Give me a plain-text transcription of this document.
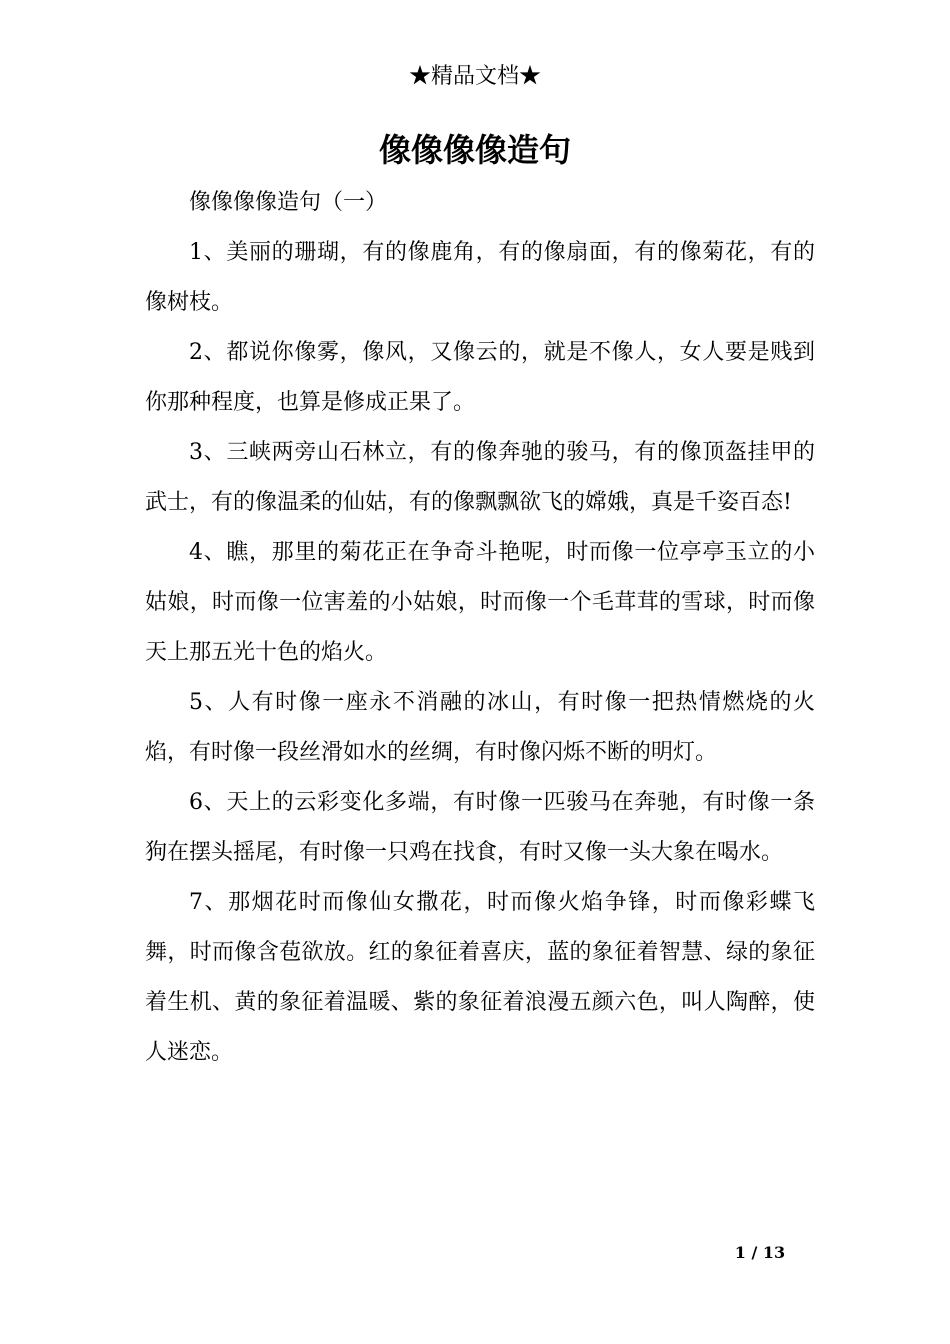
★精品文档★
像像像像造句

像像像像造句（一）

1、美丽的珊瑚，有的像鹿角，有的像扇面，有的像菊花，有的像树枝。

2、都说你像雾，像风，又像云的，就是不像人，女人要是贱到你那种程度，也算是修成正果了。

3、三峡两旁山石林立，有的像奔驰的骏马，有的像顶盔挂甲的武士，有的像温柔的仙姑，有的像飘飘欲飞的嫦娥，真是千姿百态!

4、瞧，那里的菊花正在争奇斗艳呢，时而像一位亭亭玉立的小姑娘，时而像一位害羞的小姑娘，时而像一个毛茸茸的雪球，时而像天上那五光十色的焰火。

5、人有时像一座永不消融的冰山，有时像一把热情燃烧的火焰，有时像一段丝滑如水的丝绸，有时像闪烁不断的明灯。

6、天上的云彩变化多端，有时像一匹骏马在奔驰，有时像一条狗在摆头摇尾，有时像一只鸡在找食，有时又像一头大象在喝水。

7、那烟花时而像仙女撒花，时而像火焰争锋，时而像彩蝶飞舞，时而像含苞欲放。红的象征着喜庆，蓝的象征着智慧、绿的象征着生机、黄的象征着温暖、紫的象征着浪漫五颜六色，叫人陶醉，使人迷恋。

1 / 13
